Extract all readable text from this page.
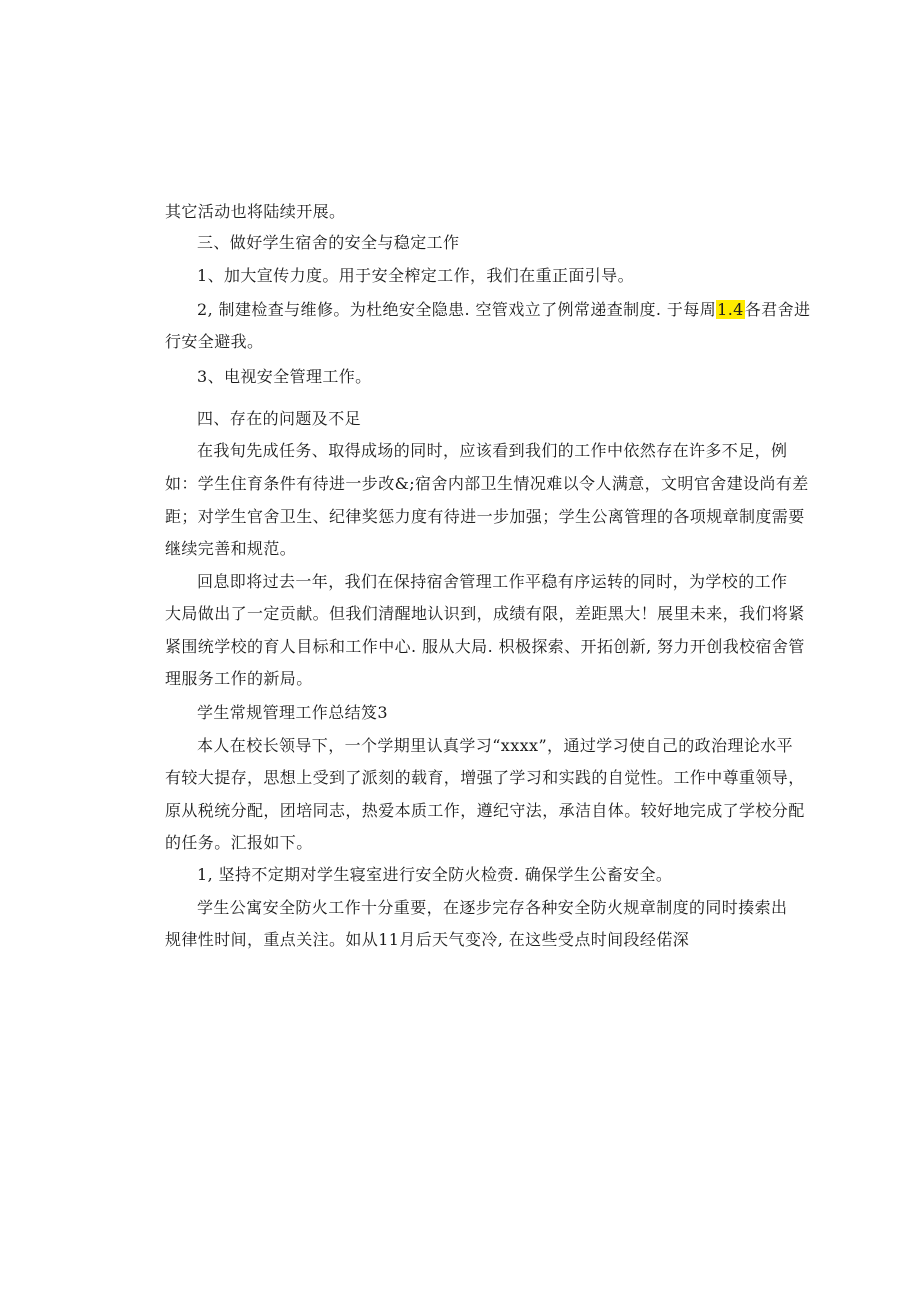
其它活动也将陆续开展。
三、做好学生宿舍的安全与稳定工作
1、加大宣传力度。用于安全榨定工作，我们在重正面引导。
2, 制建检查与维修。为杜绝安全隐患. 空管戏立了例常递查制度. 于每周1.4各君舍进
行安全避我。
3、电视安全管理工作。
四、存在的问题及不足
在我旬先成任务、取得成场的同时，应该看到我们的工作中依然存在许多不足，例
如：学生住育条件有待进一步改&;宿舍内部卫生情况难以令人满意，文明官舍建设尚有差
距；对学生官舍卫生、纪律奖惩力度有待进一步加强；学生公离管理的各项规章制度需要
继续完善和规范。
回息即将过去一年，我们在保持宿舍管理工作平稳有序运转的同时，为学校的工作
大局做出了一定贡献。但我们清醒地认识到，成绩有限，差距黑大！展里未来，我们将紧
紧围统学校的育人目标和工作中心. 服从大局. 枳极探索、开拓创新, 努力开创我校宿舍管
理服务工作的新局。
学生常规管理工作总结笈3
本人在校长领导下，一个学期里认真学习“xxxx”，通过学习使自己的政治理论水平
有较大提存，思想上受到了派刻的载育，增强了学习和实践的自觉性。工作中尊重领导，
原从税统分配，团培同志，热爱本质工作，遵纪守法，承洁自体。较好地完成了学校分配
的任务。汇报如下。
1, 坚持不定期对学生寝室进行安全防火检赍. 确保学生公畜安全。
学生公寓安全防火工作十分重要，在逐步完存各种安全防火规章制度的同时揍索出
规律性时间，重点关注。如从11月后天气变冷, 在这些受点时间段经偌深
